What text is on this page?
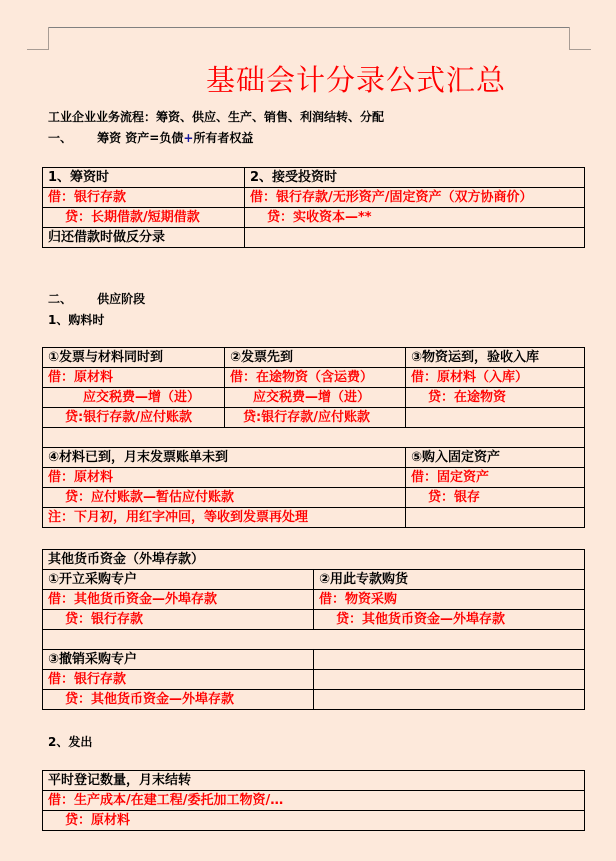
基础会计分录公式汇总
工业企业业务流程：筹资、供应、生产、销售、利润结转、分配
一、 筹资 资产=负债+所有者权益
1、筹资时	2、接受投资时
借：银行存款	借：银行存款/无形资产/固定资产（双方协商价）
贷：长期借款/短期借款	贷：实收资本—**
归还借款时做反分录	
二、 供应阶段
1、购料时
①发票与材料同时到	②发票先到	③物资运到，验收入库
借：原材料	借：在途物资（含运费）	借：原材料（入库）
应交税费—增（进）	应交税费—增（进）	贷：在途物资
贷:银行存款/应付账款	贷:银行存款/应付账款	

④材料已到，月末发票账单未到		⑤购入固定资产
借：原材料		借：固定资产
贷：应付账款—暂估应付账款		贷：银存
注：下月初，用红字冲回，等收到发票再处理		
其他货币资金（外埠存款）	
①开立采购专户	②用此专款购货
借：其他货币资金—外埠存款	借：物资采购
贷：银行存款	贷：其他货币资金—外埠存款

③撤销采购专户	
借：银行存款	
贷：其他货币资金—外埠存款	
2、发出
平时登记数量，月末结转
借：生产成本/在建工程/委托加工物资/…
贷：原材料
